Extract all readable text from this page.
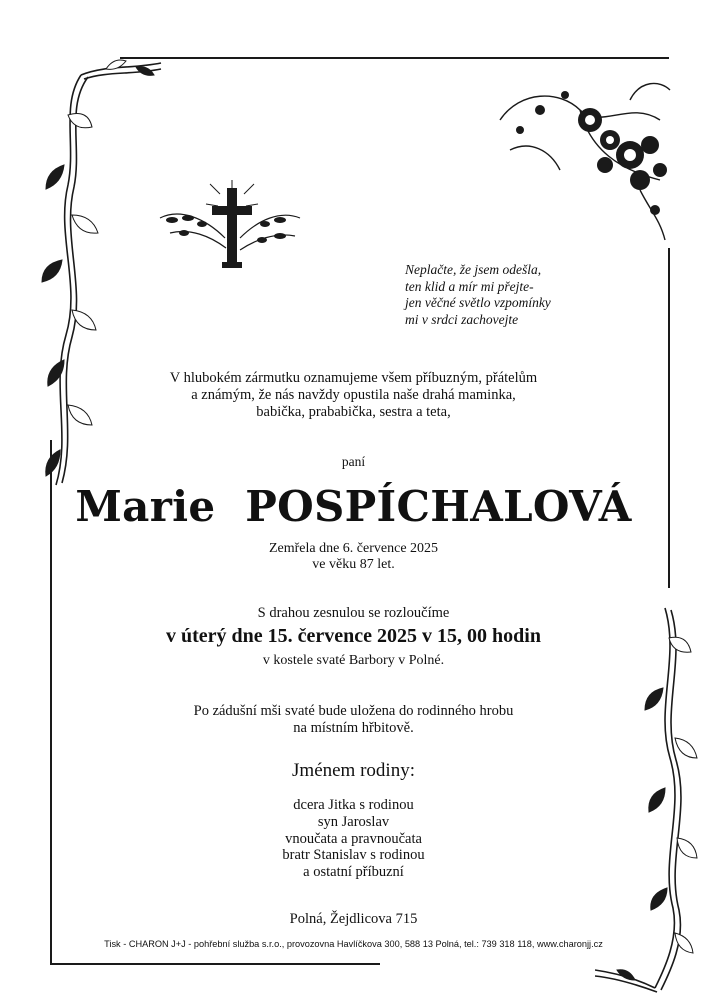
Neplačte, že jsem odešla,
ten klid a mír mi přejte-
jen věčné světlo vzpomínky
mi v srdci zachovejte
V hlubokém zármutku oznamujeme všem příbuzným, přátelům
a známým, že nás navždy opustila naše drahá maminka,
babička, prababička, sestra a teta,
paní
Marie POSPÍCHALOVÁ
Zemřela dne 6. července 2025
ve věku 87 let.
S drahou zesnulou se rozloučíme
v úterý dne 15. července 2025 v 15, 00 hodin
v kostele svaté Barbory v Polné.
Po zádušní mši svaté bude uložena do rodinného hrobu
na místním hřbitově.
Jménem rodiny:
dcera Jitka s rodinou
syn Jaroslav
vnoučata a pravnoučata
bratr Stanislav s rodinou
a ostatní příbuzní
Polná, Žejdlicova 715
Tisk - CHARON J+J - pohřební služba s.r.o., provozovna Havlíčkova 300, 588 13 Polná, tel.: 739 318 118, www.charonjj.cz
